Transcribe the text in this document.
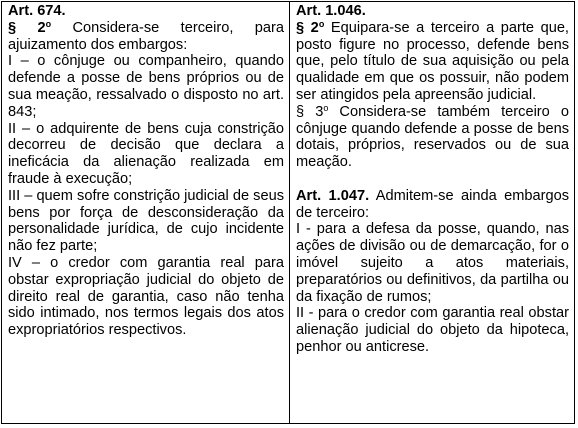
Art. 674.

§ 2$^o$ Considera-se terceiro, para ajuizamento dos embargos:

I – o cônjuge ou companheiro, quando defende a posse de bens próprios ou de sua meação, ressalvado o disposto no art. 843;

II – o adquirente de bens cuja constrição decorreu de decisão que declara a ineficácia da alienação realizada em fraude à execução;

III – quem sofre constrição judicial de seus bens por força de desconsideração da personalidade jurídica, de cujo incidente não fez parte;

IV – o credor com garantia real para obstar expropriação judicial do objeto de direito real de garantia, caso não tenha sido intimado, nos termos legais dos atos expropriatórios respectivos.

Art. 1.046.

§ 2$^o$ Equipara-se a terceiro a parte que, posto figure no processo, defende bens que, pelo título de sua aquisição ou pela qualidade em que os possuir, não podem ser atingidos pela apreensão judicial.

§ 3$^o$ Considera-se também terceiro o cônjuge quando defende a posse de bens dotais, próprios, reservados ou de sua meação.

Art. 1.047. Admitem-se ainda embargos de terceiro:

I - para a defesa da posse, quando, nas ações de divisão ou de demarcação, for o imóvel sujeito a atos materiais, preparatórios ou definitivos, da partilha ou da fixação de rumos;

II - para o credor com garantia real obstar alienação judicial do objeto da hipoteca, penhor ou anticrese.
